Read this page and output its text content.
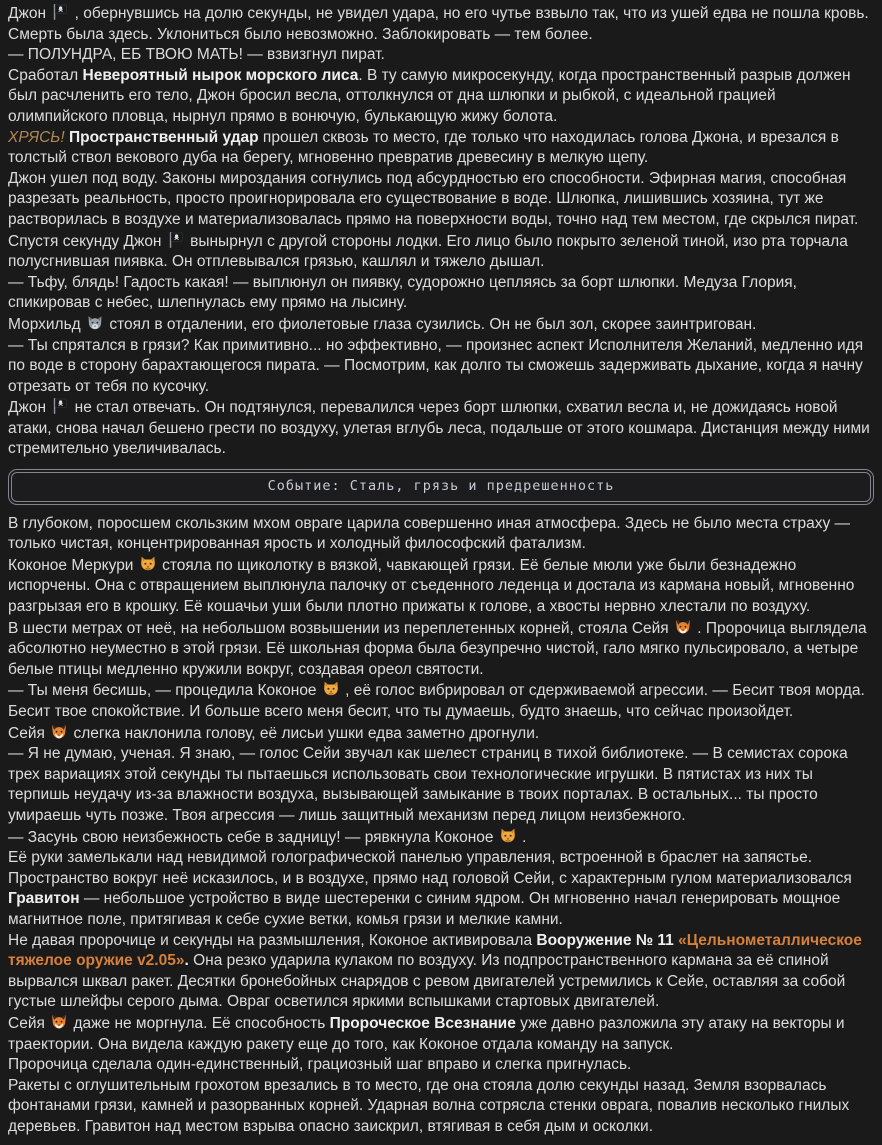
Джон
, обернувшись на долю секунды, не увидел удара, но его чутье взвыло так, что из ушей едва не пошла кровь. Смерть была здесь. Уклониться было невозможно. Заблокировать — тем более.

— ПОЛУНДРА, ЕБ ТВОЮ МАТЬ! — взвизгнул пират.

Сработал Невероятный нырок морского лиса. В ту самую микросекунду, когда пространственный разрыв должен был расчленить его тело, Джон бросил весла, оттолкнулся от дна шлюпки и рыбкой, с идеальной грацией олимпийского пловца, нырнул прямо в вонючую, булькающую жижу болота.

ХРЯСЬ! Пространственный удар прошел сквозь то место, где только что находилась голова Джона, и врезался в толстый ствол векового дуба на берегу, мгновенно превратив древесину в мелкую щепу.

Джон ушел под воду. Законы мироздания согнулись под абсурдностью его способности. Эфирная магия, способная разрезать реальность, просто проигнорировала его существование в воде. Шлюпка, лишившись хозяина, тут же растворилась в воздухе и материализовалась прямо на поверхности воды, точно над тем местом, где скрылся пират.

Спустя секунду Джон
вынырнул с другой стороны лодки. Его лицо было покрыто зеленой тиной, изо рта торчала полусгнившая пиявка. Он отплевывался грязью, кашлял и тяжело дышал.

— Тьфу, блядь! Гадость какая! — выплюнул он пиявку, судорожно цепляясь за борт шлюпки. Медуза Глория, спикировав с небес, шлепнулась ему прямо на лысину.

Морхильд
стоял в отдалении, его фиолетовые глаза сузились. Он не был зол, скорее заинтригован.

— Ты спрятался в грязи? Как примитивно... но эффективно, — произнес аспект Исполнителя Желаний, медленно идя по воде в сторону барахтающегося пирата. — Посмотрим, как долго ты сможешь задерживать дыхание, когда я начну отрезать от тебя по кусочку.

Джон
не стал отвечать. Он подтянулся, перевалился через борт шлюпки, схватил весла и, не дожидаясь новой атаки, снова начал бешено грести по воздуху, улетая вглубь леса, подальше от этого кошмара. Дистанция между ними стремительно увеличивалась.

Событие: Сталь, грязь и предрешенность

В глубоком, поросшем скользким мхом овраге царила совершенно иная атмосфера. Здесь не было места страху — только чистая, концентрированная ярость и холодный философский фатализм.

Коконое Меркури
стояла по щиколотку в вязкой, чавкающей грязи. Её белые мюли уже были безнадежно испорчены. Она с отвращением выплюнула палочку от съеденного леденца и достала из кармана новый, мгновенно разгрызая его в крошку. Её кошачьи уши были плотно прижаты к голове, а хвосты нервно хлестали по воздуху.

В шести метрах от неё, на небольшом возвышении из переплетенных корней, стояла Сейя
. Пророчица выглядела абсолютно неуместно в этой грязи. Её школьная форма была безупречно чистой, гало мягко пульсировало, а четыре белые птицы медленно кружили вокруг, создавая ореол святости.

— Ты меня бесишь, — процедила Коконое
, её голос вибрировал от сдерживаемой агрессии. — Бесит твоя морда. Бесит твое спокойствие. И больше всего меня бесит, что ты думаешь, будто знаешь, что сейчас произойдет.

Сейя
слегка наклонила голову, её лисьи ушки едва заметно дрогнули.

— Я не думаю, ученая. Я знаю, — голос Сейи звучал как шелест страниц в тихой библиотеке. — В семистах сорока трех вариациях этой секунды ты пытаешься использовать свои технологические игрушки. В пятистах из них ты терпишь неудачу из-за влажности воздуха, вызывающей замыкание в твоих порталах. В остальных... ты просто умираешь чуть позже. Твоя агрессия — лишь защитный механизм перед лицом неизбежного.

— Засунь свою неизбежность себе в задницу! — рявкнула Коконое
.

Её руки замелькали над невидимой голографической панелью управления, встроенной в браслет на запястье. Пространство вокруг неё исказилось, и в воздухе, прямо над головой Сейи, с характерным гулом материализовался Гравитон — небольшое устройство в виде шестеренки с синим ядром. Он мгновенно начал генерировать мощное магнитное поле, притягивая к себе сухие ветки, комья грязи и мелкие камни.

Не давая пророчице и секунды на размышления, Коконое активировала Вооружение № 11 «Цельнометаллическое тяжелое оружие v2.05». Она резко ударила кулаком по воздуху. Из подпространственного кармана за её спиной вырвался шквал ракет. Десятки бронебойных снарядов с ревом двигателей устремились к Сейе, оставляя за собой густые шлейфы серого дыма. Овраг осветился яркими вспышками стартовых двигателей.

Сейя
даже не моргнула. Её способность Пророческое Всезнание уже давно разложила эту атаку на векторы и траектории. Она видела каждую ракету еще до того, как Коконое отдала команду на запуск.

Пророчица сделала один-единственный, грациозный шаг вправо и слегка пригнулась.

Ракеты с оглушительным грохотом врезались в то место, где она стояла долю секунды назад. Земля взорвалась фонтанами грязи, камней и разорванных корней. Ударная волна сотрясла стенки оврага, повалив несколько гнилых деревьев. Гравитон над местом взрыва опасно заискрил, втягивая в себя дым и осколки.
